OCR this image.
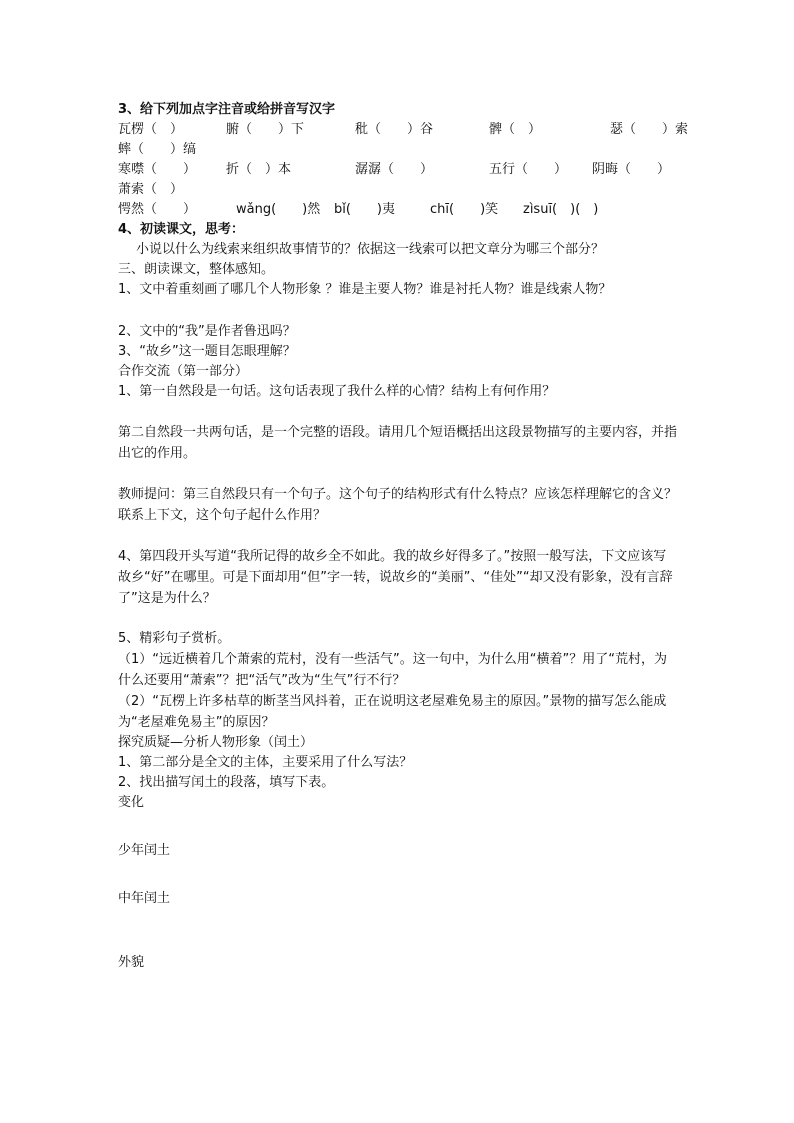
3、给下列加点字注音或给拼音写汉字
瓦楞（　）	腑（　　）下	秕（　　）谷	髀（　）	瑟（　　）索
蟀（　　）缟
寒噤（　　） 折（　）本	潺潺（　　）	五行（　　） 阴晦（　　）
萧索（　）
愕然（　　）	wǎng(　　)然 bǐ(　　)夷	chī(　　)笑 zìsuī(　)(　)
4、初读课文，思考：
小说以什么为线索来组织故事情节的？依据这一线索可以把文章分为哪三个部分？
三、朗读课文，整体感知。
1、文中着重刻画了哪几个人物形象 ？谁是主要人物？谁是衬托人物？谁是线索人物？
2、文中的“我”是作者鲁迅吗？
3、“故乡”这一题目怎眼理解？
合作交流（第一部分）
1、第一自然段是一句话。这句话表现了我什么样的心情？结构上有何作用？
第二自然段一共两句话，是一个完整的语段。请用几个短语概括出这段景物描写的主要内容，并指出它的作用。
教师提问：第三自然段只有一个句子。这个句子的结构形式有什么特点？应该怎样理解它的含义？联系上下文，这个句子起什么作用？
4、第四段开头写道“我所记得的故乡全不如此。我的故乡好得多了。”按照一般写法，下文应该写故乡“好”在哪里。可是下面却用“但”字一转，说故乡的“美丽”、“佳处”“却又没有影象，没有言辞了”这是为什么？
5、精彩句子赏析。
（1）“远近横着几个萧索的荒村，没有一些活气”。这一句中，为什么用“横着”？用了“荒村，为什么还要用“萧索”？把“活气”改为“生气”行不行？
（2）“瓦楞上许多枯草的断茎当风抖着，正在说明这老屋难免易主的原因。”景物的描写怎么能成为“老屋难免易主”的原因？
探究质疑—分析人物形象（闰土）
1、第二部分是全文的主体，主要采用了什么写法？
2、找出描写闰土的段落，填写下表。
变化
少年闰土
中年闰土
外貌
